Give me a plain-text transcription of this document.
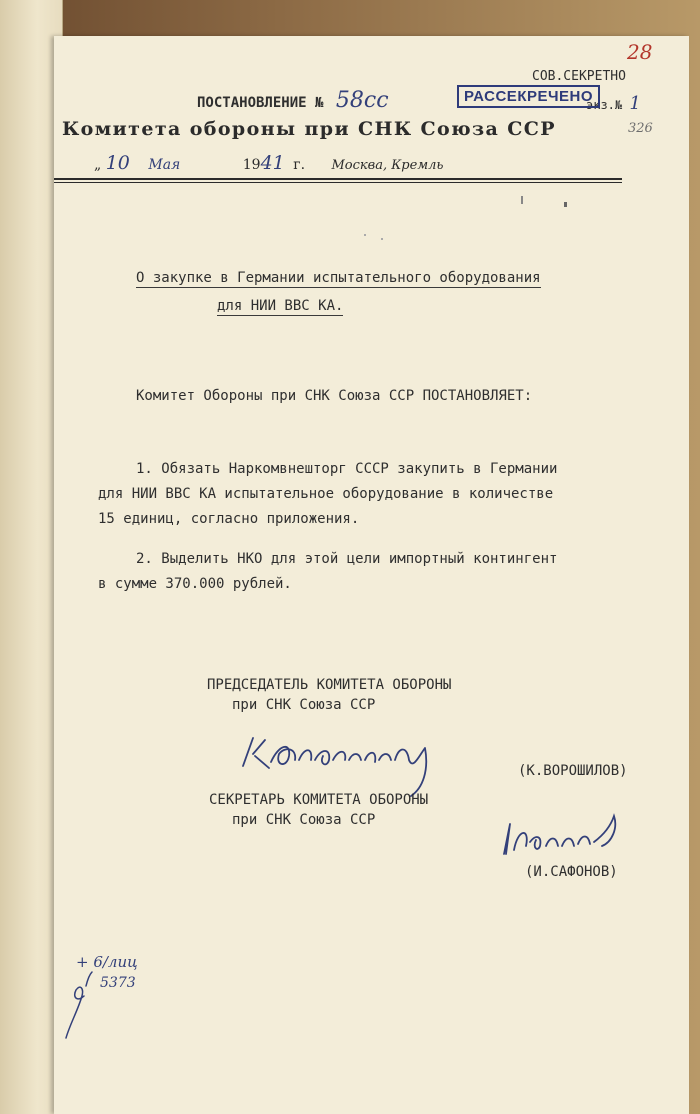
ПОСТАНОВЛЕНИЕ № 58сс
СОВ.СЕКРЕТНО
экз.№ 1
РАССЕКРЕЧЕНО
28
326
Комитета обороны при СНК Союза ССР
„ 10 Мая	1941 г. Москва, Кремль
О закупке в Германии испытательного оборудования
для НИИ ВВС КА.
Комитет Обороны при СНК Союза ССР ПОСТАНОВЛЯЕТ:
1. Обязать Наркомвнешторг СССР закупить в Германии
для НИИ ВВС КА испытательное оборудование в количестве
15 единиц, согласно приложения.
2. Выделить НКО для этой цели импортный контингент
в сумме 370.000 рублей.
ПРЕДСЕДАТЕЛЬ КОМИТЕТА ОБОРОНЫ
при СНК Союза ССР
(К.ВОРОШИЛОВ)
СЕКРЕТАРЬ КОМИТЕТА ОБОРОНЫ
при СНК Союза ССР
(И.САФОНОВ)
+ 6/лиц
5373
